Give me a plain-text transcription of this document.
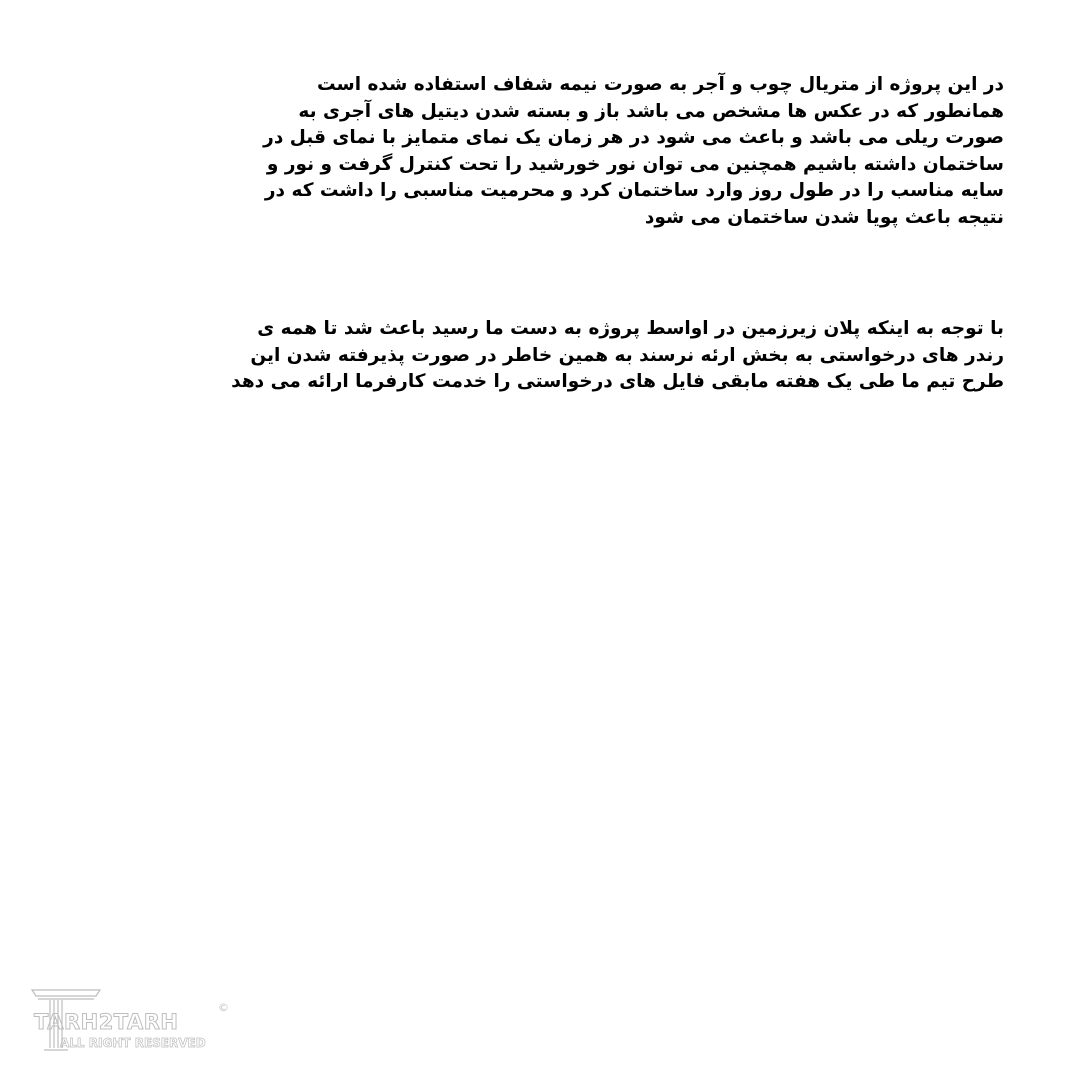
در این پروژه از متریال چوب و آجر به صورت نیمه شفاف استفاده شده است
همانطور که در عکس ها مشخص می باشد باز و بسته شدن دیتیل های آجری به
صورت ریلی می باشد و باعث می شود در هر زمان یک نمای متمایز با نمای قبل در
ساختمان داشته باشیم همچنین می توان نور خورشید را تحت کنترل گرفت و نور و
سایه مناسب را در طول روز وارد ساختمان کرد و محرمیت مناسبی را داشت که در
نتیجه باعث پویا شدن ساختمان می شود
با توجه به اینکه پلان زیرزمین در اواسط پروژه به دست ما رسید باعث شد تا همه ی
رندر های درخواستی به بخش ارئه نرسند به همین خاطر در صورت پذیرفته شدن این
طرح تیم ما طی یک هفته مابقی فایل های درخواستی را خدمت کارفرما ارائه می دهد
TARH2TARH
ALL RIGHT RESERVED
©
